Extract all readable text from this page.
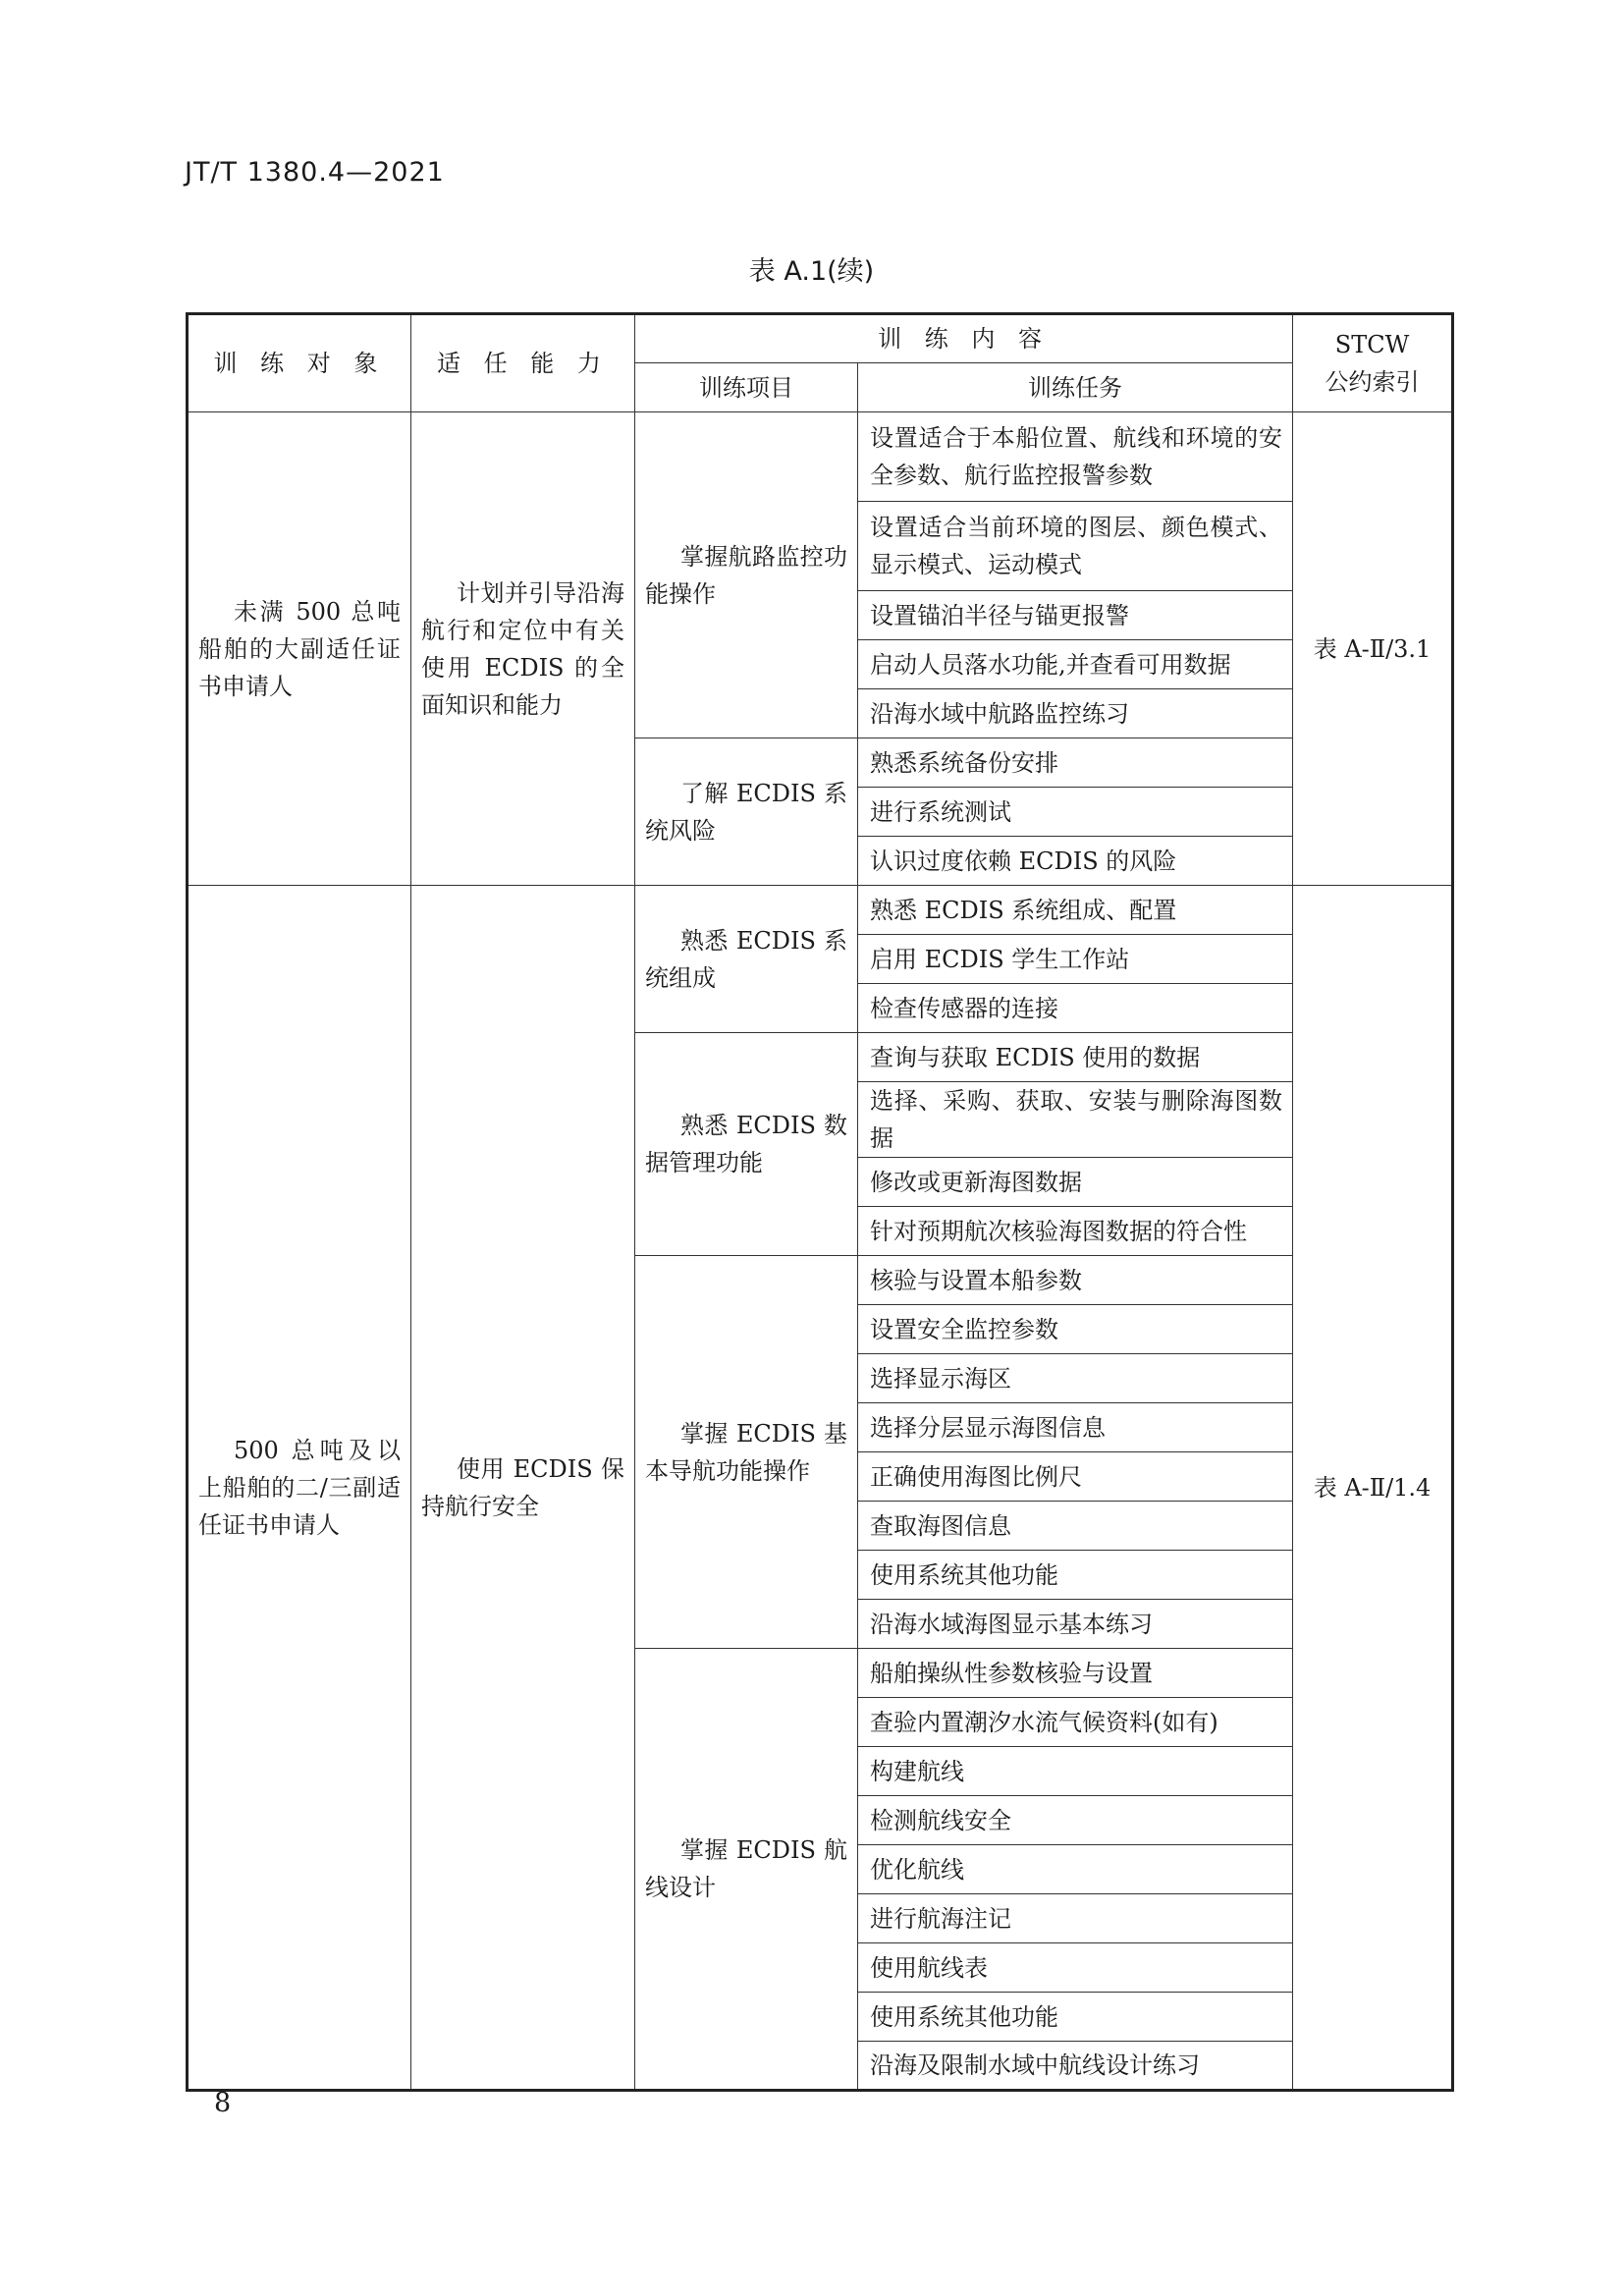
JT/T 1380.4—2021
表 A.1(续)
训 练 对 象	适 任 能 力	训 练 内 容		STCW
公约索引

		训练项目	训练任务	
未满 500 总吨船舶的大副适任证书申请人	计划并引导沿海航行和定位中有关使用 ECDIS 的全面知识和能力	掌握航路监控功能操作	设置适合于本船位置、航线和环境的安全参数、航行监控报警参数	表 A-Ⅱ/3.1
			设置适合当前环境的图层、颜色模式、显示模式、运动模式	
			设置锚泊半径与锚更报警	
			启动人员落水功能,并查看可用数据	
			沿海水域中航路监控练习	
		了解 ECDIS 系统风险	熟悉系统备份安排	
			进行系统测试	
			认识过度依赖 ECDIS 的风险	
500 总吨及以上船舶的二/三副适任证书申请人	使用 ECDIS 保持航行安全	熟悉 ECDIS 系统组成	熟悉 ECDIS 系统组成、配置	表 A-Ⅱ/1.4
			启用 ECDIS 学生工作站	
			检查传感器的连接	
		熟悉 ECDIS 数据管理功能	查询与获取 ECDIS 使用的数据	
			选择、采购、获取、安装与删除海图数据	
			修改或更新海图数据	
			针对预期航次核验海图数据的符合性	
		掌握 ECDIS 基本导航功能操作	核验与设置本船参数	
			设置安全监控参数	
			选择显示海区	
			选择分层显示海图信息	
			正确使用海图比例尺	
			查取海图信息	
			使用系统其他功能	
			沿海水域海图显示基本练习	
		掌握 ECDIS 航线设计	船舶操纵性参数核验与设置	
			查验内置潮汐水流气候资料(如有)	
			构建航线	
			检测航线安全	
			优化航线	
			进行航海注记	
			使用航线表	
			使用系统其他功能	
			沿海及限制水域中航线设计练习	
8
